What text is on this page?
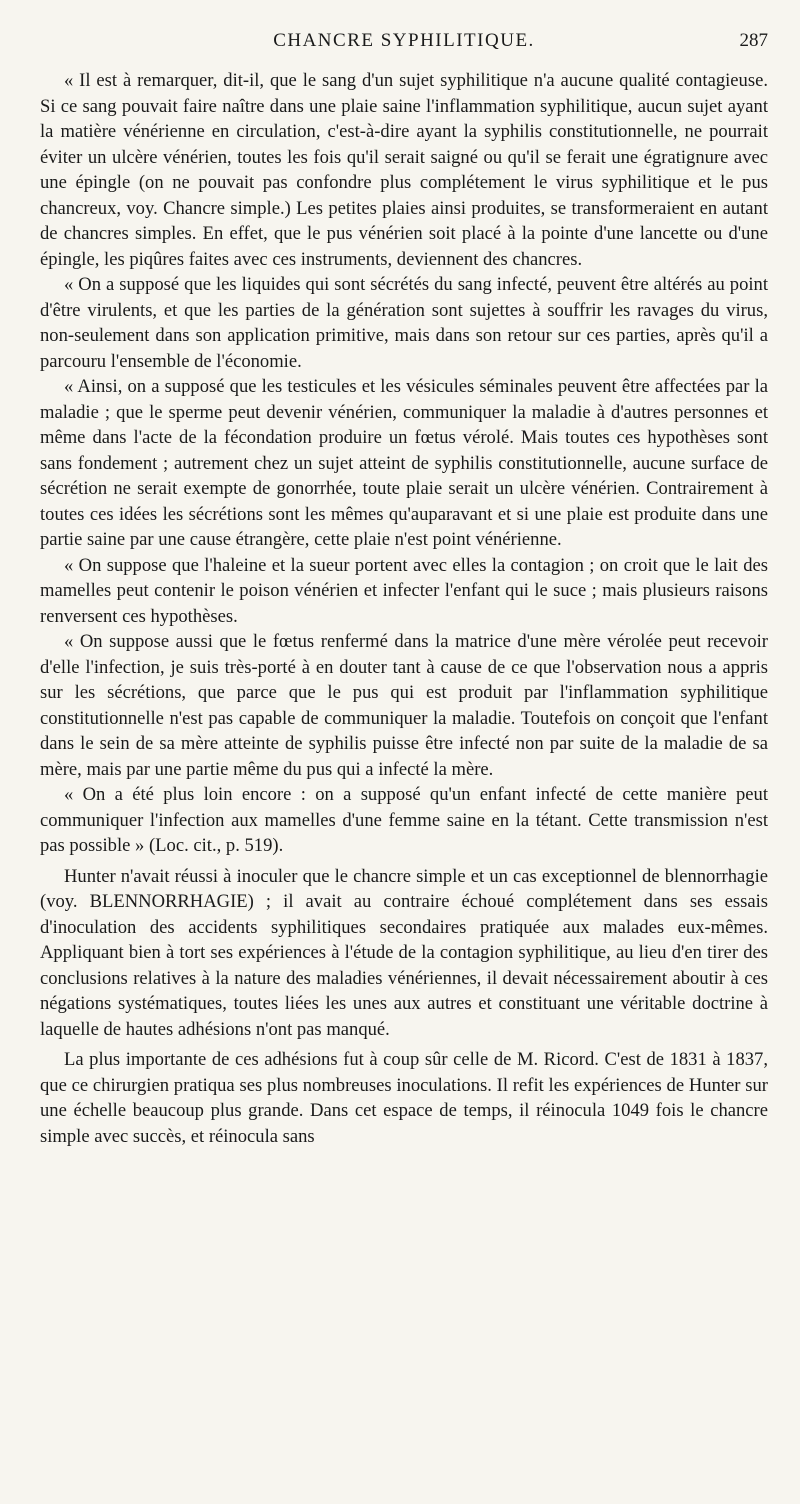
CHANCRE SYPHILITIQUE.	287

« Il est à remarquer, dit-il, que le sang d'un sujet syphilitique n'a aucune qualité contagieuse. Si ce sang pouvait faire naître dans une plaie saine l'inflammation syphilitique, aucun sujet ayant la matière vénérienne en circulation, c'est-à-dire ayant la syphilis constitutionnelle, ne pourrait éviter un ulcère vénérien, toutes les fois qu'il serait saigné ou qu'il se ferait une égratignure avec une épingle (on ne pouvait pas confondre plus complétement le virus syphilitique et le pus chancreux, voy. Chancre simple.) Les petites plaies ainsi produites, se transformeraient en autant de chancres simples. En effet, que le pus vénérien soit placé à la pointe d'une lancette ou d'une épingle, les piqûres faites avec ces instruments, deviennent des chancres.

« On a supposé que les liquides qui sont sécrétés du sang infecté, peuvent être altérés au point d'être virulents, et que les parties de la génération sont sujettes à souffrir les ravages du virus, non-seulement dans son application primitive, mais dans son retour sur ces parties, après qu'il a parcouru l'ensemble de l'économie.

« Ainsi, on a supposé que les testicules et les vésicules séminales peuvent être affectées par la maladie ; que le sperme peut devenir vénérien, communiquer la maladie à d'autres personnes et même dans l'acte de la fécondation produire un fœtus vérolé. Mais toutes ces hypothèses sont sans fondement ; autrement chez un sujet atteint de syphilis constitutionnelle, aucune surface de sécrétion ne serait exempte de gonorrhée, toute plaie serait un ulcère vénérien. Contrairement à toutes ces idées les sécrétions sont les mêmes qu'auparavant et si une plaie est produite dans une partie saine par une cause étrangère, cette plaie n'est point vénérienne.

« On suppose que l'haleine et la sueur portent avec elles la contagion ; on croit que le lait des mamelles peut contenir le poison vénérien et infecter l'enfant qui le suce ; mais plusieurs raisons renversent ces hypothèses.

« On suppose aussi que le fœtus renfermé dans la matrice d'une mère vérolée peut recevoir d'elle l'infection, je suis très-porté à en douter tant à cause de ce que l'observation nous a appris sur les sécrétions, que parce que le pus qui est produit par l'inflammation syphilitique constitutionnelle n'est pas capable de communiquer la maladie. Toutefois on conçoit que l'enfant dans le sein de sa mère atteinte de syphilis puisse être infecté non par suite de la maladie de sa mère, mais par une partie même du pus qui a infecté la mère.

« On a été plus loin encore : on a supposé qu'un enfant infecté de cette manière peut communiquer l'infection aux mamelles d'une femme saine en la tétant. Cette transmission n'est pas possible » (Loc. cit., p. 519).

Hunter n'avait réussi à inoculer que le chancre simple et un cas exceptionnel de blennorrhagie (voy. BLENNORRHAGIE) ; il avait au contraire échoué complétement dans ses essais d'inoculation des accidents syphilitiques secondaires pratiquée aux malades eux-mêmes. Appliquant bien à tort ses expériences à l'étude de la contagion syphilitique, au lieu d'en tirer des conclusions relatives à la nature des maladies vénériennes, il devait nécessairement aboutir à ces négations systématiques, toutes liées les unes aux autres et constituant une véritable doctrine à laquelle de hautes adhésions n'ont pas manqué.

La plus importante de ces adhésions fut à coup sûr celle de M. Ricord. C'est de 1831 à 1837, que ce chirurgien pratiqua ses plus nombreuses inoculations. Il refit les expériences de Hunter sur une échelle beaucoup plus grande. Dans cet espace de temps, il réinocula 1049 fois le chancre simple avec succès, et réinocula sans
